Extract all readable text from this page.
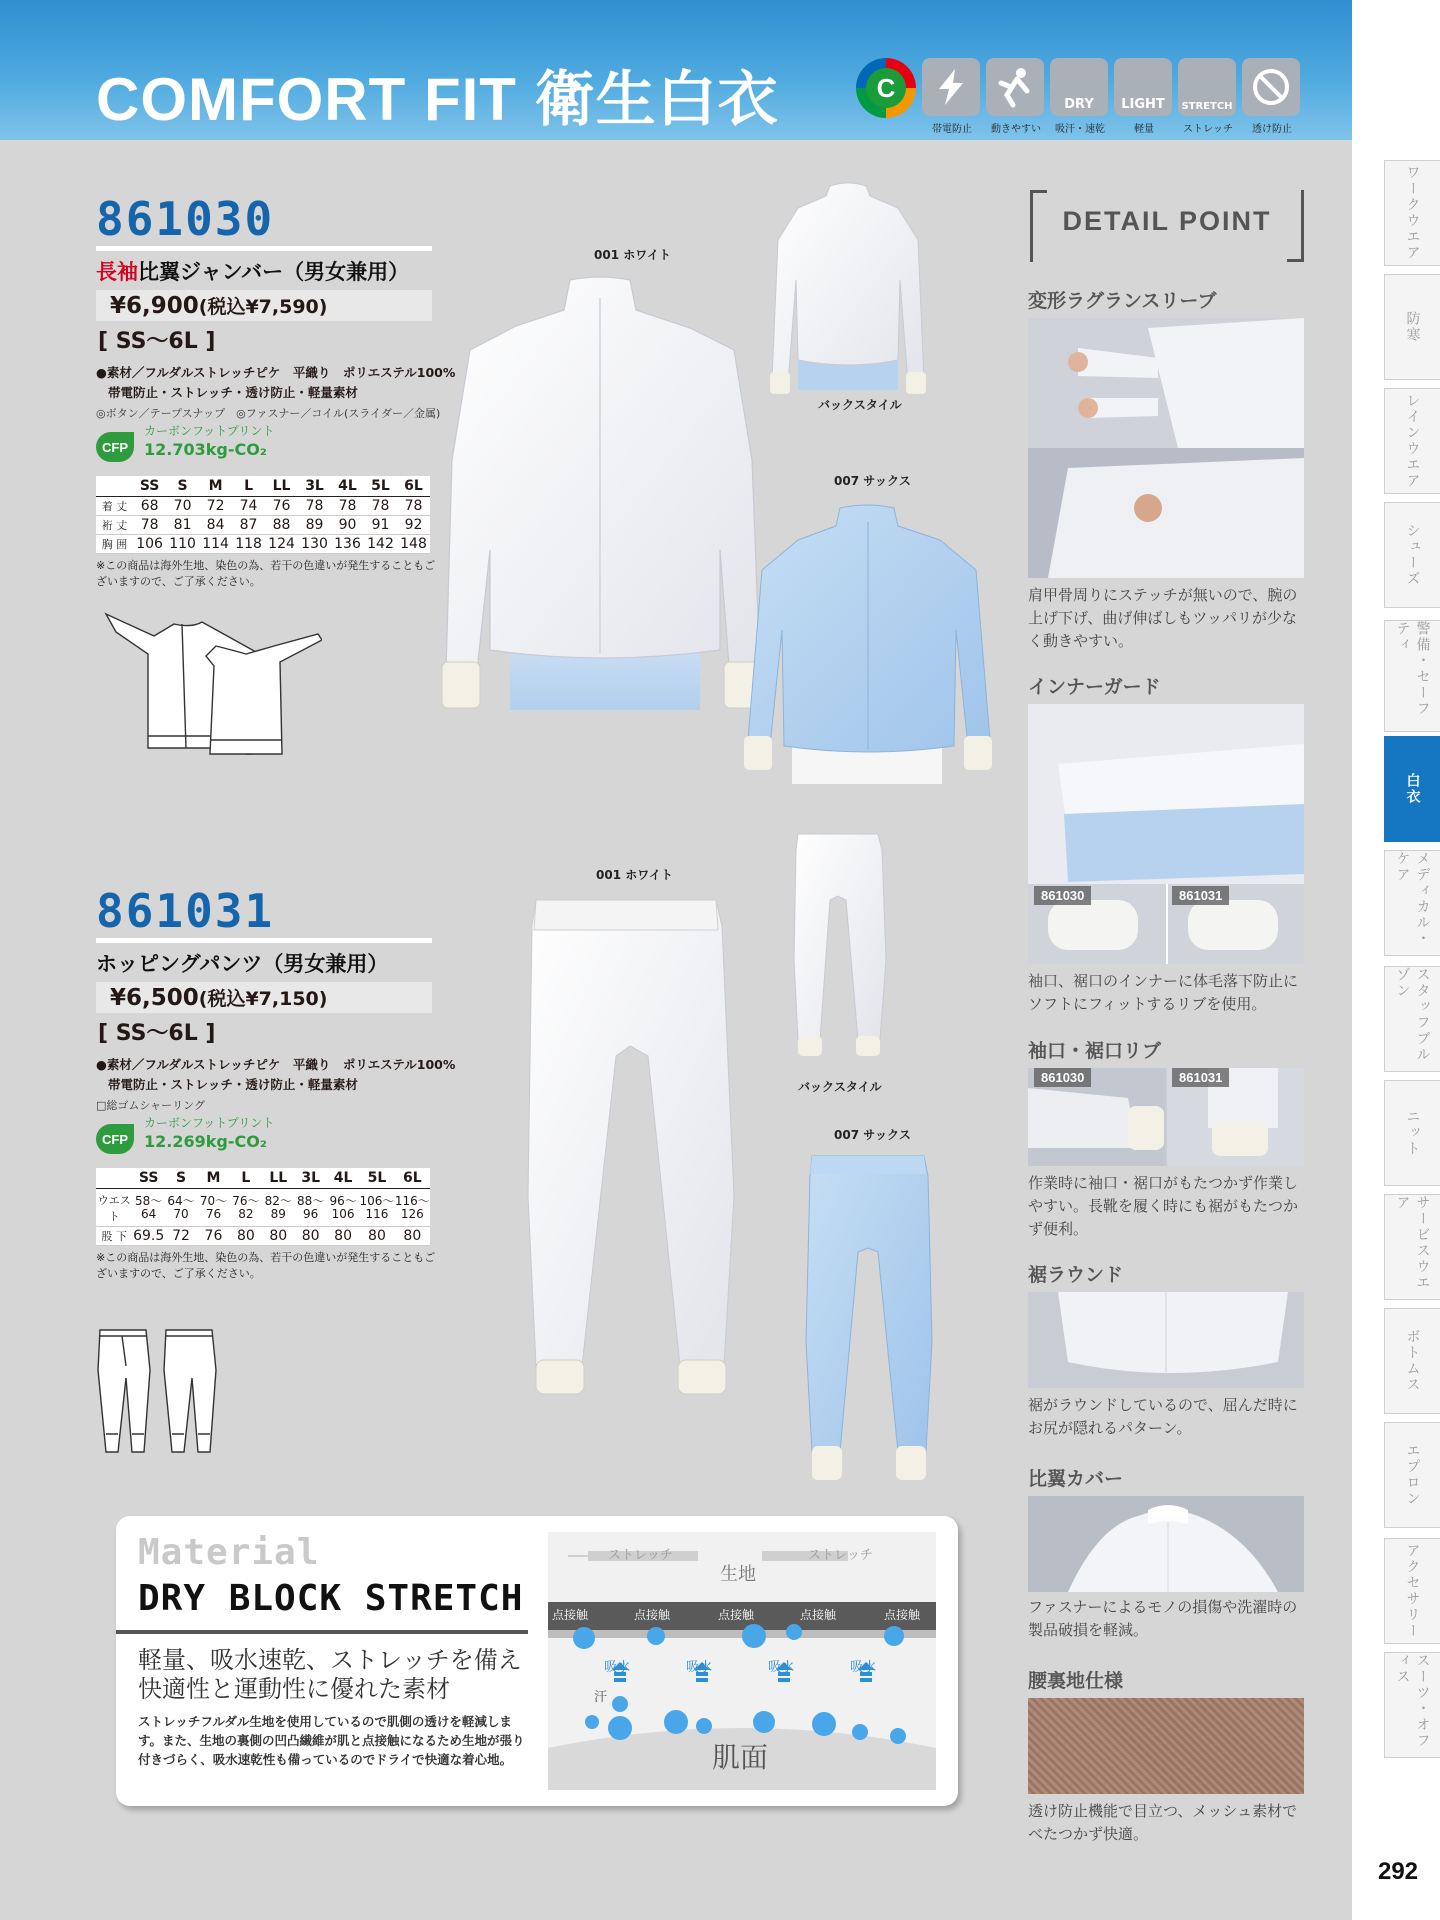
COMFORT FIT 衛生白衣	C
帯電防止	動きやすい
DRY
吸汗・速乾
LIGHT
軽量
STRETCH
ストレッチ	透け防止
ワークウエア
防寒
レインウエア
シューズ
警備・セーフティ
白衣
メディカル・ケア
スタッフブルゾン
ニット
サービスウエア
ボトムス
エプロン
アクセサリー
スーツ・オフィス
292
861030
長袖比翼ジャンバー（男女兼用）
¥6,900(税込¥7,590)
[ SS～6L ]
●素材／フルダルストレッチピケ　平織り　ポリエステル100%
帯電防止・ストレッチ・透け防止・軽量素材
◎ボタン／テープスナップ　◎ファスナー／コイル(スライダー／金属)
CFP
カーボンフットプリント
12.703kg-CO₂
	SS	S	M	L	LL	3L	4L	5L	6L
着 丈	68	70	72	74	76	78	78	78	78
裄 丈	78	81	84	87	88	89	90	91	92
胸 囲	106	110	114	118	124	130	136	142	148
※この商品は海外生地、染色の為、若干の色違いが発生することもございますので、ご了承ください。
001 ホワイト
バックスタイル
007 サックス
861031
ホッピングパンツ（男女兼用）
¥6,500(税込¥7,150)
[ SS～6L ]
●素材／フルダルストレッチピケ　平織り　ポリエステル100%
帯電防止・ストレッチ・透け防止・軽量素材
□総ゴムシャーリング
CFP
カーボンフットプリント
12.269kg-CO₂
	SS	S	M	L	LL	3L	4L	5L	6L
ウエスト	58〜64	64〜70	70〜76	76〜82	82〜89	88〜96	96〜106	106〜116	116〜126
股 下	69.5	72	76	80	80	80	80	80	80
※この商品は海外生地、染色の為、若干の色違いが発生することもございますので、ご了承ください。
001 ホワイト
バックスタイル
007 サックス
DETAIL POINT
変形ラグランスリーブ
肩甲骨周りにステッチが無いので、腕の上げ下げ、曲げ伸ばしもツッパリが少なく動きやすい。
インナーガード
861030	861031
袖口、裾口のインナーに体毛落下防止にソフトにフィットするリブを使用。
袖口・裾口リブ
861030	861031
作業時に袖口・裾口がもたつかず作業しやすい。長靴を履く時にも裾がもたつかず便利。
裾ラウンド
裾がラウンドしているので、屈んだ時にお尻が隠れるパターン。
比翼カバー
ファスナーによるモノの損傷や洗濯時の製品破損を軽減。
腰裏地仕様
透け防止機能で目立つ、メッシュ素材でべたつかず快適。
Material
DRY BLOCK STRETCH
軽量、吸水速乾、ストレッチを備え
快適性と運動性に優れた素材
ストレッチフルダル生地を使用しているので肌側の透けを軽減します。また、生地の裏側の凹凸繊維が肌と点接触になるため生地が張り付きづらく、吸水速乾性も備っているのでドライで快適な着心地。
ストレッチ	ストレッチ
生地
点接触	点接触	点接触	点接触	点接触
吸水	吸水	吸水	吸水
汗
肌面
